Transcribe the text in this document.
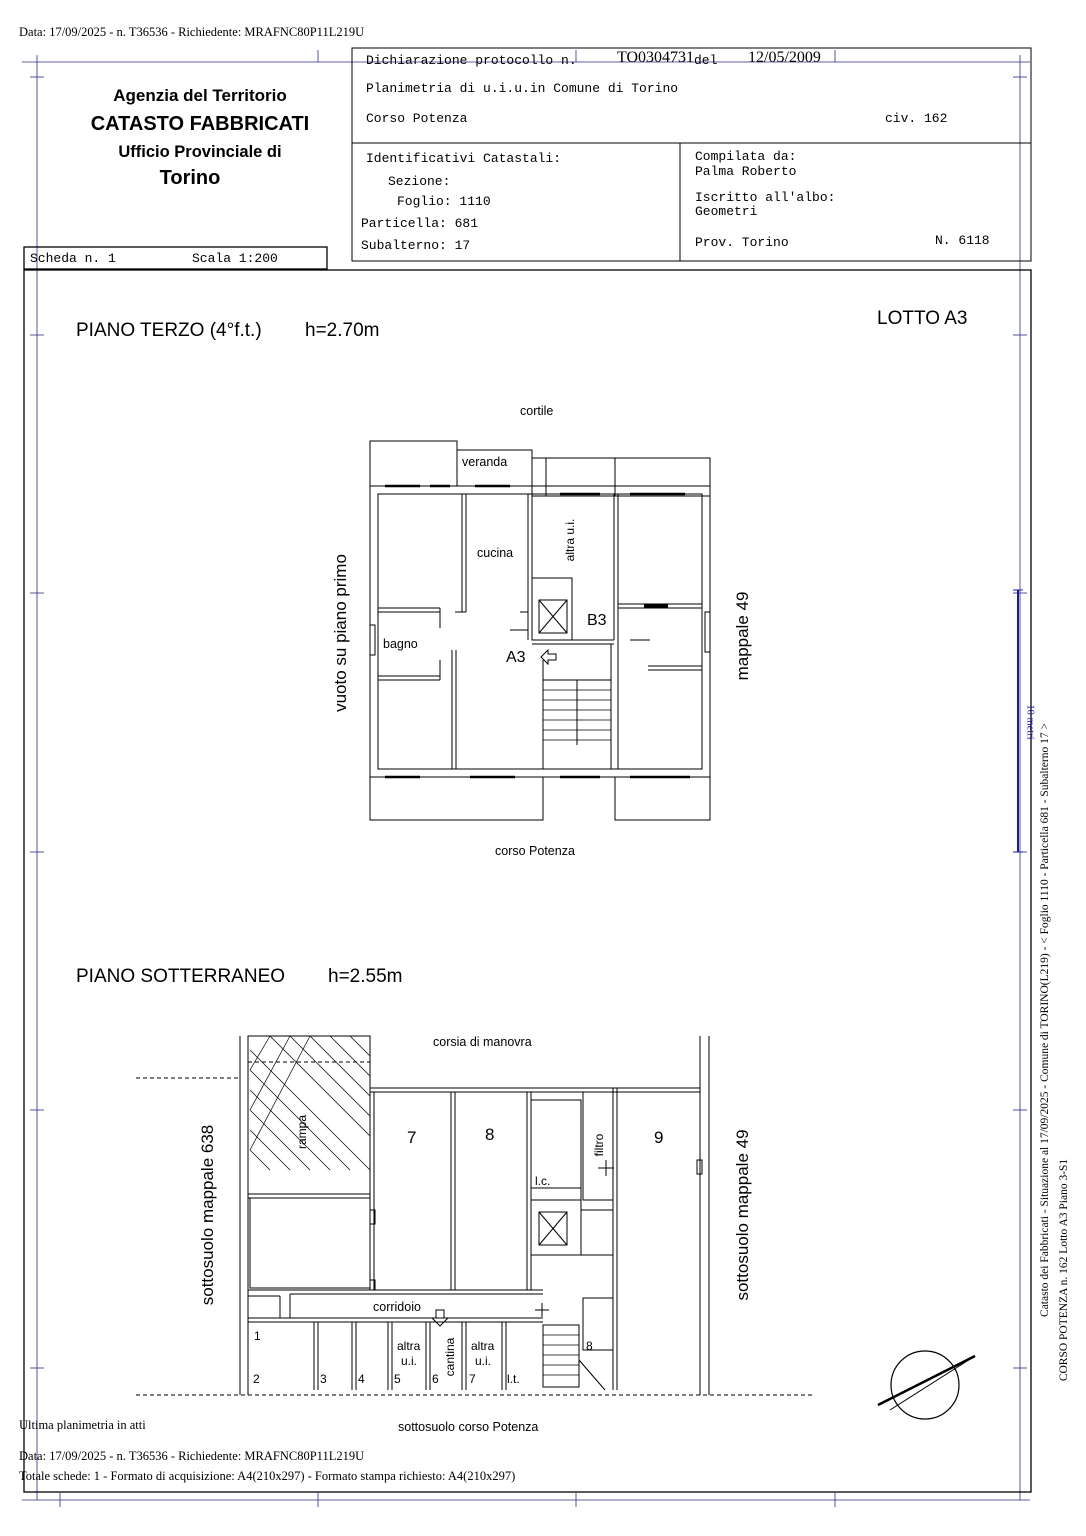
Data: 17/09/2025 - n. T36536 - Richiedente: MRAFNC80P11L219U
Agenzia del Territorio
CATASTO FABBRICATI
Ufficio Provinciale di
Torino
Scheda n. 1	Scala 1:200
Dichiarazione protocollo n.	TO0304731 del 12/05/2009
Planimetria di u.i.u.in Comune di Torino
Corso Potenza	civ. 162
Identificativi Catastali:
Sezione:
Foglio: 1110
Particella: 681
Subalterno: 17
Compilata da:
Palma Roberto
Iscritto all'albo:
Geometri
Prov. Torino	N. 6118
PIANO TERZO (4°f.t.) h=2.70m
LOTTO A3
cortile
veranda
cucina	altra u.i.
bagno
A3
B3
vuoto su piano primo	mappale 49
corso Potenza
PIANO SOTTERRANEO h=2.55m
corsia di manovra
sottosuolo mappale 638	sottosuolo mappale 49
rampa	7	8	9
filtro
l.c.
corridoio
cantina
altra
u.i.
altra
u.i.
1
2	3	4 5	6	7
8
l.t.
sottosuolo corso Potenza
Ultima planimetria in atti
Data: 17/09/2025 - n. T36536 - Richiedente: MRAFNC80P11L219U
Totale schede: 1 - Formato di acquisizione: A4(210x297) - Formato stampa richiesto: A4(210x297)
Catasto dei Fabbricati - Situazione al 17/09/2025 - Comune di TORINO(L219) - < Foglio 1110 - Particella 681 - Subalterno 17 > CORSO POTENZA n. 162 Lotto A3 Piano 3-S1
10 metri
